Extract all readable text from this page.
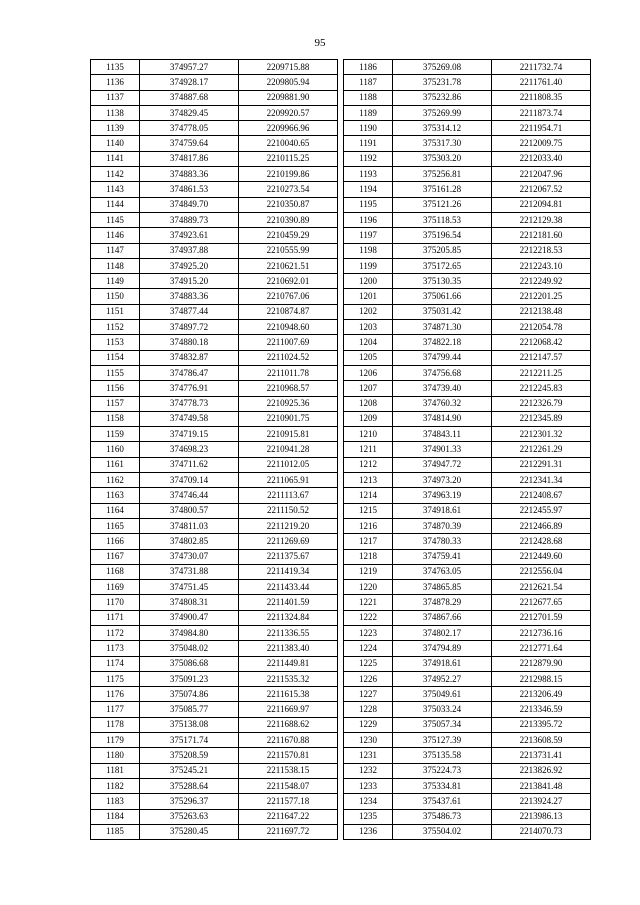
95
1135	374957.27	2209715.88
1136	374928.17	2209805.94
1137	374887.68	2209881.90
1138	374829.45	2209920.57
1139	374778.05	2209966.96
1140	374759.64	2210040.65
1141	374817.86	2210115.25
1142	374883.36	2210199.86
1143	374861.53	2210273.54
1144	374849.70	2210350.87
1145	374889.73	2210390.89
1146	374923.61	2210459.29
1147	374937.88	2210555.99
1148	374925.20	2210621.51
1149	374915.20	2210692.01
1150	374883.36	2210767.06
1151	374877.44	2210874.87
1152	374897.72	2210948.60
1153	374880.18	2211007.69
1154	374832.87	2211024.52
1155	374786.47	2211011.78
1156	374776.91	2210968.57
1157	374778.73	2210925.36
1158	374749.58	2210901.75
1159	374719.15	2210915.81
1160	374698.23	2210941.28
1161	374711.62	2211012.05
1162	374709.14	2211065.91
1163	374746.44	2211113.67
1164	374800.57	2211150.52
1165	374811.03	2211219.20
1166	374802.85	2211269.69
1167	374730.07	2211375.67
1168	374731.88	2211419.34
1169	374751.45	2211433.44
1170	374808.31	2211401.59
1171	374900.47	2211324.84
1172	374984.80	2211336.55
1173	375048.02	2211383.40
1174	375086.68	2211449.81
1175	375091.23	2211535.32
1176	375074.86	2211615.38
1177	375085.77	2211669.97
1178	375138.08	2211688.62
1179	375171.74	2211670.88
1180	375208.59	2211570.81
1181	375245.21	2211538.15
1182	375288.64	2211548.07
1183	375296.37	2211577.18
1184	375263.63	2211647.22
1185	375280.45	2211697.72
1186	375269.08	2211732.74
1187	375231.78	2211761.40
1188	375232.86	2211808.35
1189	375269.99	2211873.74
1190	375314.12	2211954.71
1191	375317.30	2212009.75
1192	375303.20	2212033.40
1193	375256.81	2212047.96
1194	375161.28	2212067.52
1195	375121.26	2212094.81
1196	375118.53	2212129.38
1197	375196.54	2212181.60
1198	375205.85	2212218.53
1199	375172.65	2212243.10
1200	375130.35	2212249.92
1201	375061.66	2212201.25
1202	375031.42	2212138.48
1203	374871.30	2212054.78
1204	374822.18	2212068.42
1205	374799.44	2212147.57
1206	374756.68	2212211.25
1207	374739.40	2212245.83
1208	374760.32	2212326.79
1209	374814.90	2212345.89
1210	374843.11	2212301.32
1211	374901.33	2212261.29
1212	374947.72	2212291.31
1213	374973.20	2212341.34
1214	374963.19	2212408.67
1215	374918.61	2212455.97
1216	374870.39	2212466.89
1217	374780.33	2212428.68
1218	374759.41	2212449.60
1219	374763.05	2212556.04
1220	374865.85	2212621.54
1221	374878.29	2212677.65
1222	374867.66	2212701.59
1223	374802.17	2212736.16
1224	374794.89	2212771.64
1225	374918.61	2212879.90
1226	374952.27	2212988.15
1227	375049.61	2213206.49
1228	375033.24	2213346.59
1229	375057.34	2213395.72
1230	375127.39	2213608.59
1231	375135.58	2213731.41
1232	375224.73	2213826.92
1233	375334.81	2213841.48
1234	375437.61	2213924.27
1235	375486.73	2213986.13
1236	375504.02	2214070.73
